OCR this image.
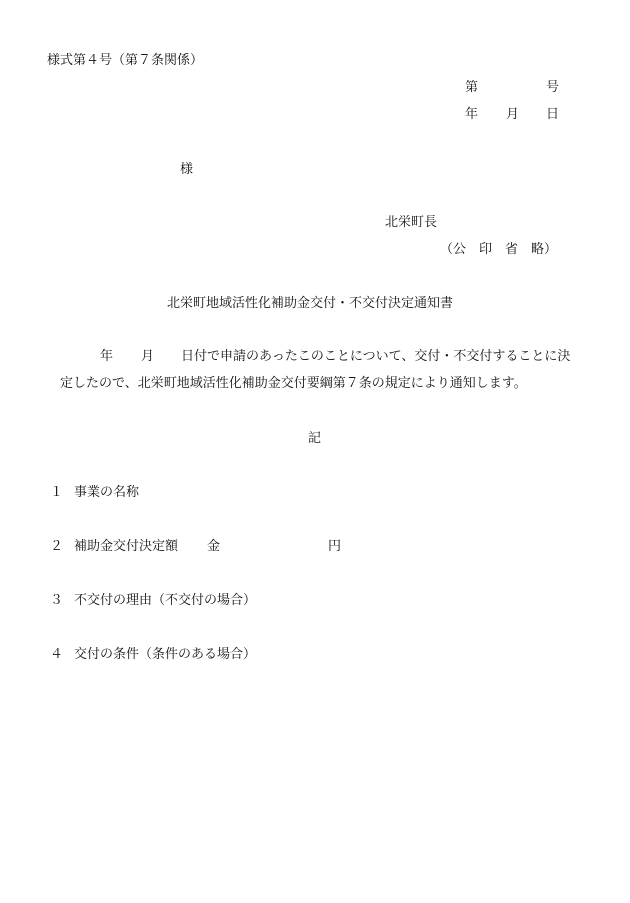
様式第４号（第７条関係）
第	号
年 月 日
様
北栄町長
（公　印　省　略）
北栄町地域活性化補助金交付・不交付決定通知書
年 月 日付で申請のあったこのことについて、交付・不交付することに決
定したので、北栄町地域活性化補助金交付要綱第７条の規定により通知します。
記
１ 事業の名称
２ 補助金交付決定額 金	円
３ 不交付の理由（不交付の場合）
４ 交付の条件（条件のある場合）
